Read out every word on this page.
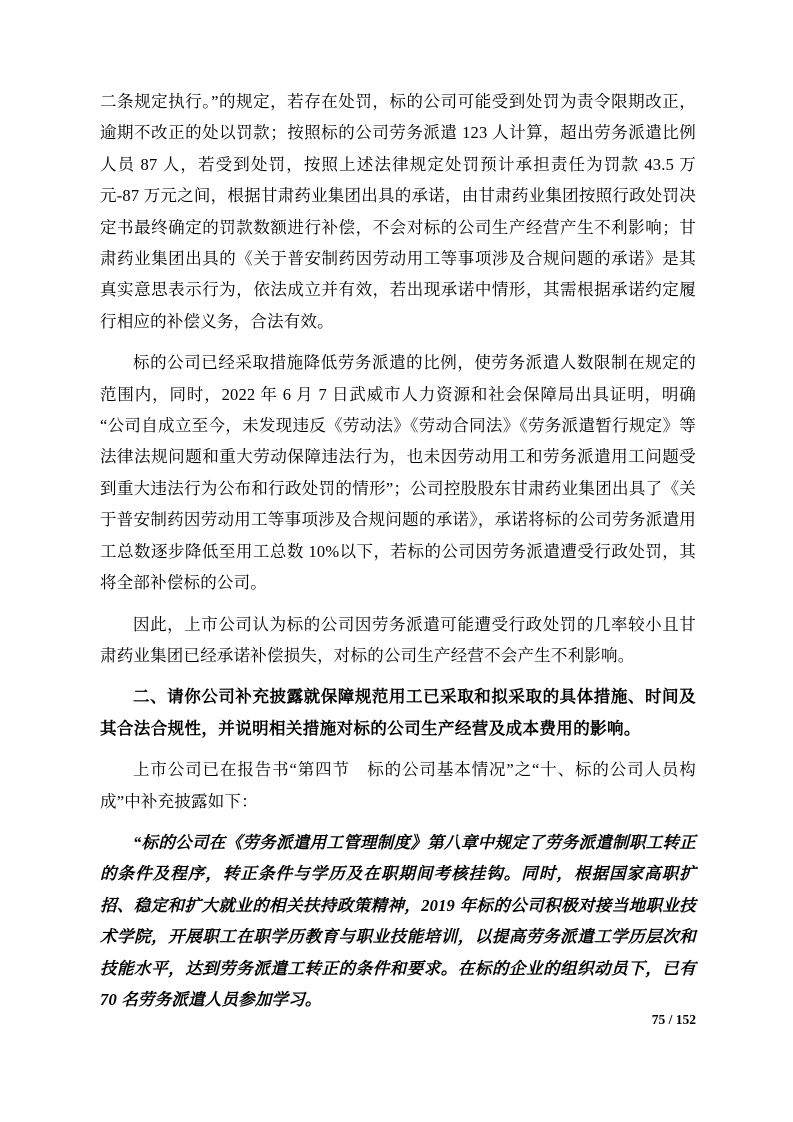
二条规定执行。”的规定，若存在处罚，标的公司可能受到处罚为责令限期改正，逾期不改正的处以罚款；按照标的公司劳务派遣 123 人计算，超出劳务派遣比例人员 87 人，若受到处罚，按照上述法律规定处罚预计承担责任为罚款 43.5 万元-87 万元之间，根据甘肃药业集团出具的承诺，由甘肃药业集团按照行政处罚决定书最终确定的罚款数额进行补偿，不会对标的公司生产经营产生不利影响；甘肃药业集团出具的《关于普安制药因劳动用工等事项涉及合规问题的承诺》是其真实意思表示行为，依法成立并有效，若出现承诺中情形，其需根据承诺约定履行相应的补偿义务，合法有效。

标的公司已经采取措施降低劳务派遣的比例，使劳务派遣人数限制在规定的范围内，同时，2022 年 6 月 7 日武威市人力资源和社会保障局出具证明，明确“公司自成立至今，未发现违反《劳动法》《劳动合同法》《劳务派遣暂行规定》等法律法规问题和重大劳动保障违法行为，也未因劳动用工和劳务派遣用工问题受到重大违法行为公布和行政处罚的情形”；公司控股股东甘肃药业集团出具了《关于普安制药因劳动用工等事项涉及合规问题的承诺》，承诺将标的公司劳务派遣用工总数逐步降低至用工总数 10%以下，若标的公司因劳务派遣遭受行政处罚，其将全部补偿标的公司。

因此，上市公司认为标的公司因劳务派遣可能遭受行政处罚的几率较小且甘肃药业集团已经承诺补偿损失，对标的公司生产经营不会产生不利影响。

二、请你公司补充披露就保障规范用工已采取和拟采取的具体措施、时间及其合法合规性，并说明相关措施对标的公司生产经营及成本费用的影响。

上市公司已在报告书“第四节　标的公司基本情况”之“十、标的公司人员构成”中补充披露如下：

“标的公司在《劳务派遣用工管理制度》第八章中规定了劳务派遣制职工转正的条件及程序，转正条件与学历及在职期间考核挂钩。同时，根据国家高职扩招、稳定和扩大就业的相关扶持政策精神，2019 年标的公司积极对接当地职业技术学院，开展职工在职学历教育与职业技能培训，以提高劳务派遣工学历层次和技能水平，达到劳务派遣工转正的条件和要求。在标的企业的组织动员下，已有 70 名劳务派遣人员参加学习。

75 / 152
